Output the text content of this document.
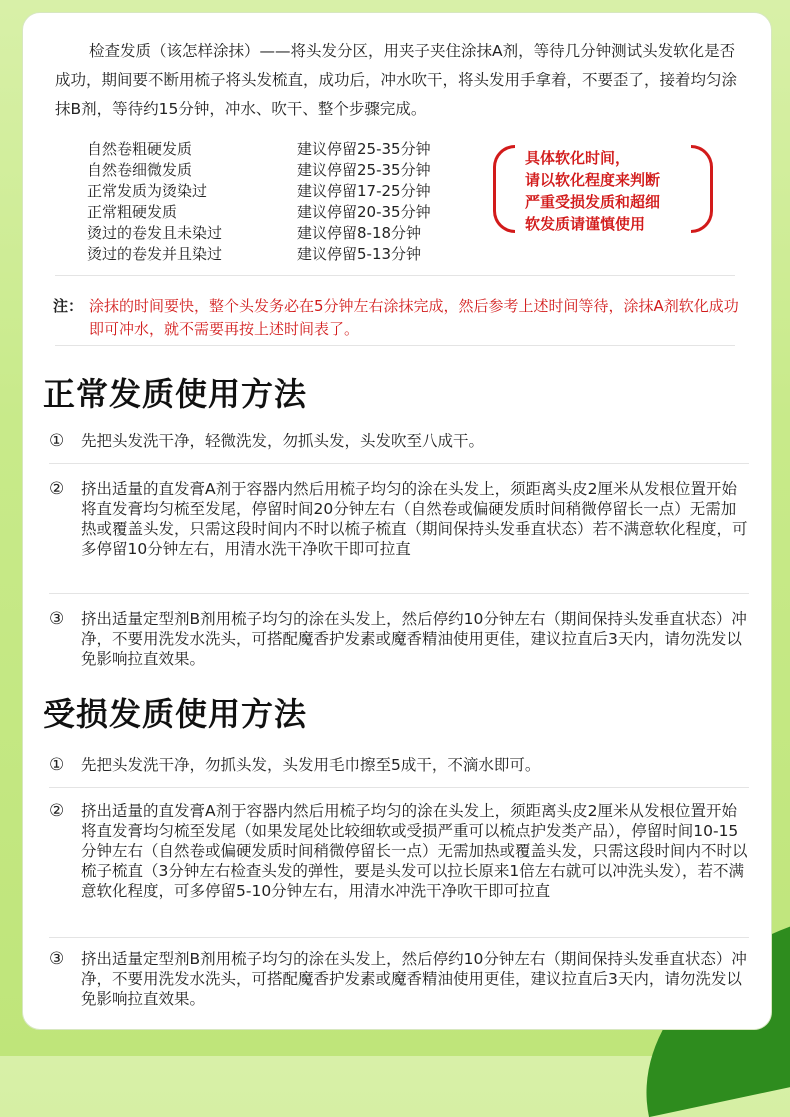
检查发质（该怎样涂抹）——将头发分区，用夹子夹住涂抹A剂，等待几分钟测试头发软化是否成功，期间要不断用梳子将头发梳直，成功后，冲水吹干，将头发用手拿着，不要歪了，接着均匀涂抹B剂，等待约15分钟，冲水、吹干、整个步骤完成。
自然卷粗硬发质	建议停留25-35分钟
自然卷细微发质	建议停留25-35分钟
正常发质为烫染过	建议停留17-25分钟
正常粗硬发质	建议停留20-35分钟
烫过的卷发且未染过	建议停留8-18分钟
烫过的卷发并且染过	建议停留5-13分钟
具体软化时间，
请以软化程度来判断
严重受损发质和超细
软发质请谨慎使用
注： 涂抹的时间要快，整个头发务必在5分钟左右涂抹完成，然后参考上述时间等待，涂抹A剂软化成功即可冲水，就不需要再按上述时间表了。
正常发质使用方法
①	先把头发洗干净，轻微洗发，勿抓头发，头发吹至八成干。
②	挤出适量的直发膏A剂于容器内然后用梳子均匀的涂在头发上，须距离头皮2厘米从发根位置开始将直发膏均匀梳至发尾，停留时间20分钟左右（自然卷或偏硬发质时间稍微停留长一点）无需加热或覆盖头发，只需这段时间内不时以梳子梳直（期间保持头发垂直状态）若不满意软化程度，可多停留10分钟左右，用清水洗干净吹干即可拉直
③	挤出适量定型剂B剂用梳子均匀的涂在头发上，然后停约10分钟左右（期间保持头发垂直状态）冲净，不要用洗发水洗头，可搭配魔香护发素或魔香精油使用更佳，建议拉直后3天内，请勿洗发以免影响拉直效果。
受损发质使用方法
①	先把头发洗干净，勿抓头发，头发用毛巾擦至5成干，不滴水即可。
②	挤出适量的直发膏A剂于容器内然后用梳子均匀的涂在头发上，须距离头皮2厘米从发根位置开始将直发膏均匀梳至发尾（如果发尾处比较细软或受损严重可以梳点护发类产品），停留时间10-15分钟左右（自然卷或偏硬发质时间稍微停留长一点）无需加热或覆盖头发，只需这段时间内不时以梳子梳直（3分钟左右检查头发的弹性，要是头发可以拉长原来1倍左右就可以冲洗头发），若不满意软化程度，可多停留5-10分钟左右，用清水冲洗干净吹干即可拉直
③	挤出适量定型剂B剂用梳子均匀的涂在头发上，然后停约10分钟左右（期间保持头发垂直状态）冲净，不要用洗发水洗头，可搭配魔香护发素或魔香精油使用更佳，建议拉直后3天内，请勿洗发以免影响拉直效果。
